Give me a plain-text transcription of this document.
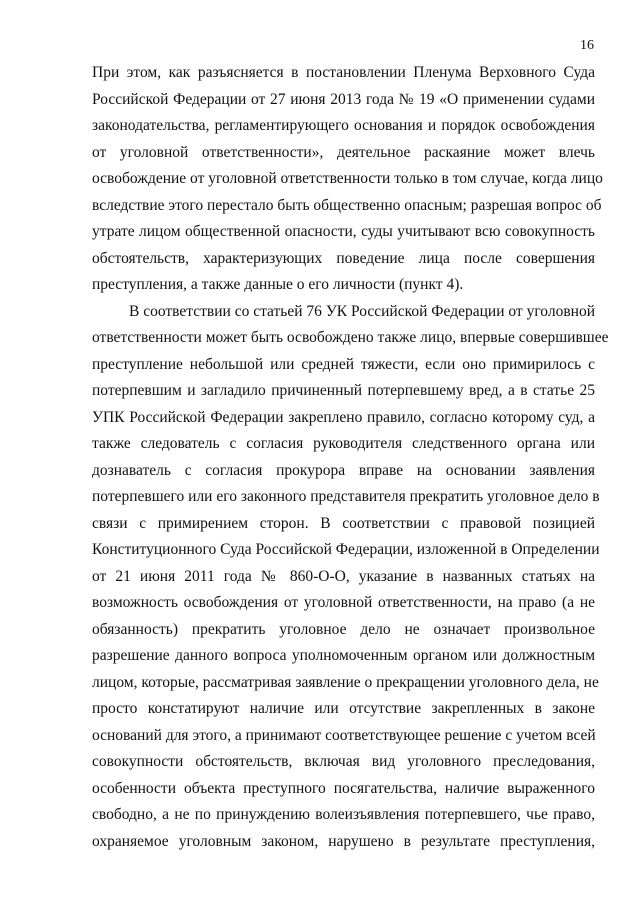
16
При этом, как разъясняется в постановлении Пленума Верховного Суда
Российской Федерации от 27 июня 2013 года № 19 «О применении судами
законодательства, регламентирующего основания и порядок освобождения
от уголовной ответственности», деятельное раскаяние может влечь
освобождение от уголовной ответственности только в том случае, когда лицо
вследствие этого перестало быть общественно опасным; разрешая вопрос об
утрате лицом общественной опасности, суды учитывают всю совокупность
обстоятельств, характеризующих поведение лица после совершения
преступления, а также данные о его личности (пункт 4).
В соответствии со статьей 76 УК Российской Федерации от уголовной
ответственности может быть освобождено также лицо, впервые совершившее
преступление небольшой или средней тяжести, если оно примирилось с
потерпевшим и загладило причиненный потерпевшему вред, а в статье 25
УПК Российской Федерации закреплено правило, согласно которому суд, а
также следователь с согласия руководителя следственного органа или
дознаватель с согласия прокурора вправе на основании заявления
потерпевшего или его законного представителя прекратить уголовное дело в
связи с примирением сторон. В соответствии с правовой позицией
Конституционного Суда Российской Федерации, изложенной в Определении
от 21 июня 2011 года № 860-О-О, указание в названных статьях на
возможность освобождения от уголовной ответственности, на право (а не
обязанность) прекратить уголовное дело не означает произвольное
разрешение данного вопроса уполномоченным органом или должностным
лицом, которые, рассматривая заявление о прекращении уголовного дела, не
просто констатируют наличие или отсутствие закрепленных в законе
оснований для этого, а принимают соответствующее решение с учетом всей
совокупности обстоятельств, включая вид уголовного преследования,
особенности объекта преступного посягательства, наличие выраженного
свободно, а не по принуждению волеизъявления потерпевшего, чье право,
охраняемое уголовным законом, нарушено в результате преступления,
